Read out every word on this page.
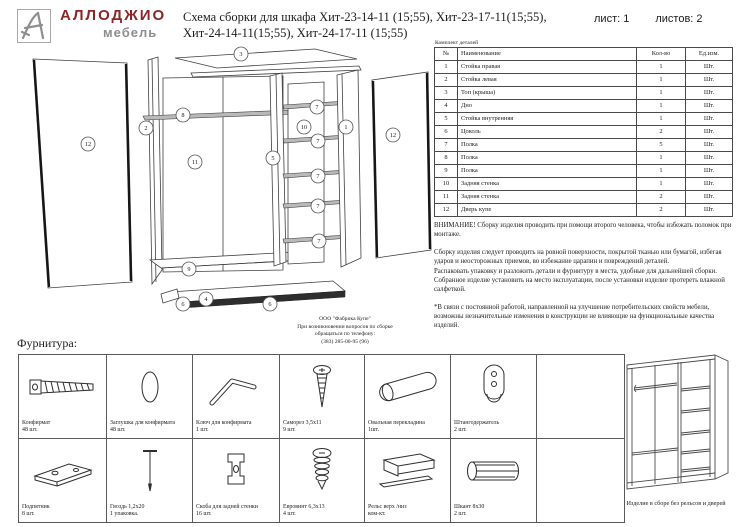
АЛЛОДЖИО
мебель
Схема сборки для шкафа Хит-23-14-11 (15;55), Хит-23-17-11(15;55),
Хит-24-14-11(15;55), Хит-24-17-11 (15;55)
лист: 1 листов: 2
Комплект деталей
№	Наименование	Кол-во	Ед.изм.
1	Стойка правая	1	Шт.
2	Стойка левая	1	Шт.
3	Топ (крыша)	1	Шт.
4	Дно	1	Шт.
5	Стойка внутренняя	1	Шт.
6	Цоколь	2	Шт.
7	Полка	5	Шт.
8	Полка	1	Шт.
9	Полка	1	Шт.
10	Задняя стенка	1	Шт.
11	Задняя стенка	2	Шт.
12	Дверь купе	2	Шт.
ВНИМАНИЕ! Сборку изделия проводить при помощи второго человека, чтобы избежать поломок при монтаже.
Сборку изделия следует проводить на ровной поверхности, покрытой тканью или бумагой, избегая ударов и неосторожных приемов, во избежание царапин и повреждений деталей.
Распаковать упаковку и разложить детали и фурнитуру в места, удобные для дальнейшей сборки.
Собранное изделие установить на место эксплуатации, после установки изделие протереть влажной салфеткой.
*В связи с постоянной работой, направленной на улучшение потребительских свойств мебели, возможны незначительные изменения в конструкции не влияющие на функциональные качества изделий.
1
2
3
4
5
6	6
7
7
7
7
7
8
9
10
11
12
12
ООО "Фабрика Купе"
При возникновении вопросов по сборке
обращаться по телефону:
(383) 285-00-95 (96)
Фурнитура:
Конфирмат
48 шт.

Заглушка для конфирмата
48 шт.

Ключ для конфирмата
1 шт.

Саморез 3,5х11
9 шт.

Овальная перекладина
1шт.

Штангодержатель
2 шт.

Подпятник
8 шт.

Гвоздь 1,2х20
1 упаковка.

Скоба для задней стенки
16 шт.

Евровинт 6,3х13
4 шт.

Рельс верх /низ
ком-кт.

Шкант 8х30
2 шт.

Изделие в сборе без рельсов и дверей
